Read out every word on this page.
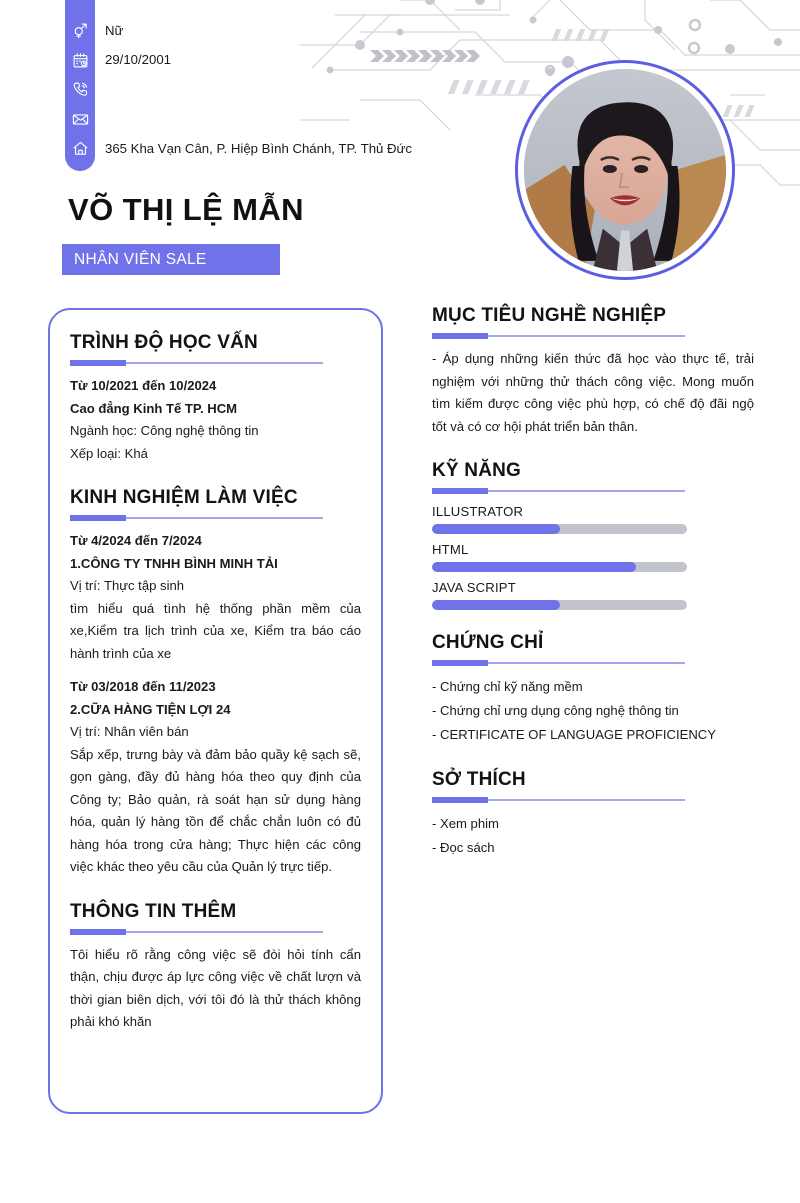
Nữ
29/10/2001
365 Kha Vạn Cân, P. Hiệp Bình Chánh, TP. Thủ Đức
VÕ THỊ LỆ MẪN
NHÂN VIÊN SALE
TRÌNH ĐỘ HỌC VẤN
Từ 10/2021 đến 10/2024
Cao đẳng Kinh Tế TP. HCM
Ngành học: Công nghệ thông tin
Xếp loại: Khá
KINH NGHIỆM LÀM VIỆC
Từ 4/2024 đến 7/2024
1.CÔNG TY TNHH BÌNH MINH TẢI
Vị trí: Thực tập sinh
tìm hiểu quá tình hệ thống phần mềm của xe,Kiểm tra lịch trình của xe, Kiểm tra báo cáo hành trình của xe
Từ 03/2018 đến 11/2023
2.CỮA HÀNG TIỆN LỢI 24
Vị trí: Nhân viên bán
Sắp xếp, trưng bày và đảm bảo quầy kệ sạch sẽ, gọn gàng, đầy đủ hàng hóa theo quy định của Công ty; Bảo quản, rà soát hạn sử dụng hàng hóa, quản lý hàng tồn để chắc chắn luôn có đủ hàng hóa trong cửa hàng; Thực hiện các công việc khác theo yêu cầu của Quản lý trực tiếp.
THÔNG TIN THÊM
Tôi hiểu rõ rằng công việc sẽ đòi hỏi tính cẩn thận, chịu được áp lực công việc về chất lượn và thời gian biên dịch, với tôi đó là thử thách không phải khó khăn
MỤC TIÊU NGHỀ NGHIỆP
- Áp dụng những kiến thức đã học vào thực tế, trải nghiệm với những thử thách công việc. Mong muốn tìm kiếm được công việc phù hợp, có chế độ đãi ngộ tốt và có cơ hội phát triển bản thân.
KỸ NĂNG
ILLUSTRATOR
HTML
JAVA SCRIPT
CHỨNG CHỈ
- Chứng chỉ kỹ năng mềm
- Chứng chỉ ưng dụng công nghệ thông tin
- CERTIFICATE OF LANGUAGE PROFICIENCY
SỞ THÍCH
- Xem phim
- Đọc sách
